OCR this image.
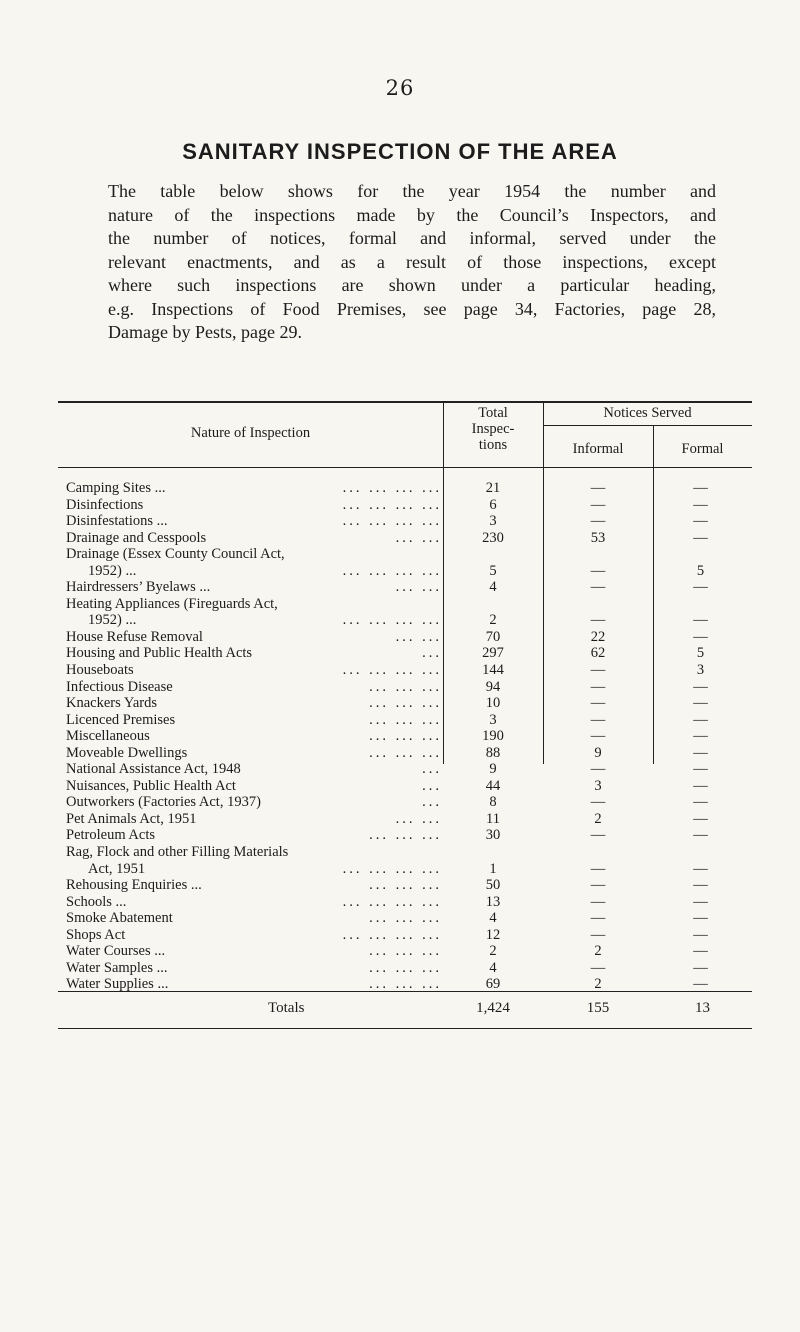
26
SANITARY INSPECTION OF THE AREA
The table below shows for the year 1954 the number and
nature of the inspections made by the Council’s Inspectors, and
the number of notices, formal and informal, served under the
relevant enactments, and as a result of those inspections, except
where such inspections are shown under a particular heading,
e.g. Inspections of Food Premises, see page 34, Factories, page 28,
Damage by Pests, page 29.
Nature of Inspection
Total
Inspec-
tions
Notices Served
Informal	Formal
Camping Sites ...	... ... ... ...	21	—	—
Disinfections	... ... ... ...	6	—	—
Disinfestations ...	... ... ... ...	3	—	—
Drainage and Cesspools	... ...	230	53	—
Drainage (Essex County Council Act,
1952) ...	... ... ... ...	5	—	5
Hairdressers’ Byelaws ...	... ...	4	—	—
Heating Appliances (Fireguards Act,
1952) ...	... ... ... ...	2	—	—
House Refuse Removal	... ...	70	22	—
Housing and Public Health Acts	...	297	62	5
Houseboats	... ... ... ...	144	—	3
Infectious Disease	... ... ...	94	—	—
Knackers Yards	... ... ...	10	—	—
Licenced Premises	... ... ...	3	—	—
Miscellaneous	... ... ...	190	—	—
Moveable Dwellings	... ... ...	88	9	—
National Assistance Act, 1948	...	9	—	—
Nuisances, Public Health Act	...	44	3	—
Outworkers (Factories Act, 1937)	...	8	—	—
Pet Animals Act, 1951	... ...	11	2	—
Petroleum Acts	... ... ...	30	—	—
Rag, Flock and other Filling Materials
Act, 1951	... ... ... ...	1	—	—
Rehousing Enquiries ...	... ... ...	50	—	—
Schools ...	... ... ... ...	13	—	—
Smoke Abatement	... ... ...	4	—	—
Shops Act	... ... ... ...	12	—	—
Water Courses ...	... ... ...	2	2	—
Water Samples ...	... ... ...	4	—	—
Water Supplies ...	... ... ...	69	2	—
Totals	1,424	155	13
